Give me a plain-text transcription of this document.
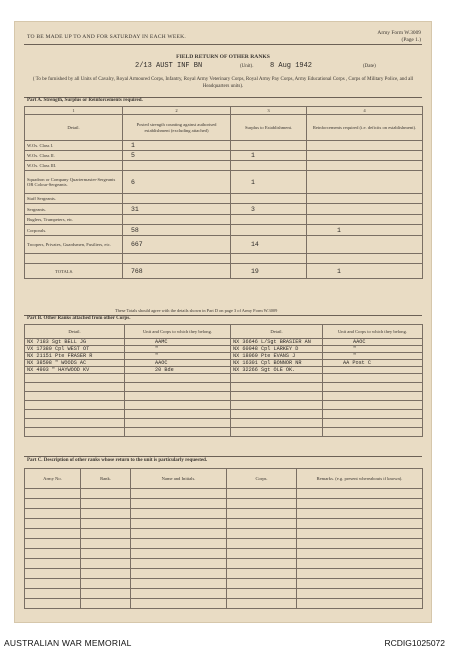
TO BE MADE UP TO AND FOR SATURDAY IN EACH WEEK.
Army Form W.3009
(Page 1.)
FIELD RETURN OF OTHER RANKS
2/13 AUST INF BN	(Unit). 8 Aug 1942	(Date)
( To be furnished by all Units of Cavalry, Royal Armoured Corps, Infantry, Royal Army Veterinary Corps, Royal Army Pay Corps, Army Educational Corps , Corps of Military Police, and all Headquarters units).
Part A. Strength, Surplus or Reinforcements required.
1	2	3	4
Detail.	Posted strength counting against authorised establishment (excluding attached)	Surplus to Establishment.	Reinforcements required (i.e. deficits on establishment).
W.Os. Class I.	1		
W.Os. Class II.	5	1	
W.Os. Class III.			
Squadron or Company Quartermaster-Sergeants OR Colour-Sergeants.	6	1	
Staff Sergeants.			
Sergeants.	31	3	
Buglers, Trumpeters, etc.			
Corporals.	58		1
Troopers, Privates, Guardsmen, Fusiliers, etc.	667	14	

TOTALS.	768	19	1
These Totals should agree with the details shown in Part D on page 3 of Army Form W.3009
Part B. Other Ranks attached from other Corps.
Detail.	Unit and Corps to which they belong.	Detail.	Unit and Corps to which they belong.
NX 7183 Sgt BELL JG	AAMC	NX 36646 L/Sgt BRASIER AN	AAOC
VX 17380 Cpl WEST OT	"	NX 60048 Cpl LARKEY D	"
NX 21151 Pte FRASER R	"	NX 18069 Pte EVANS J	"
NX 38598 " WOODS AC	AAOC	NX 16301 Cpl BONNOR NR	AA Post C
NX 4903 " HAYWOOD KV	20 Bde	NX 32266 Sgt OLE OK.	

Part C. Description of other ranks whose return to the unit is particularly requested.
Army No.	Rank.	Name and Initials.	Corps.	Remarks. (e.g. present whereabouts if known).

AUSTRALIAN WAR MEMORIAL	RCDIG1025072
